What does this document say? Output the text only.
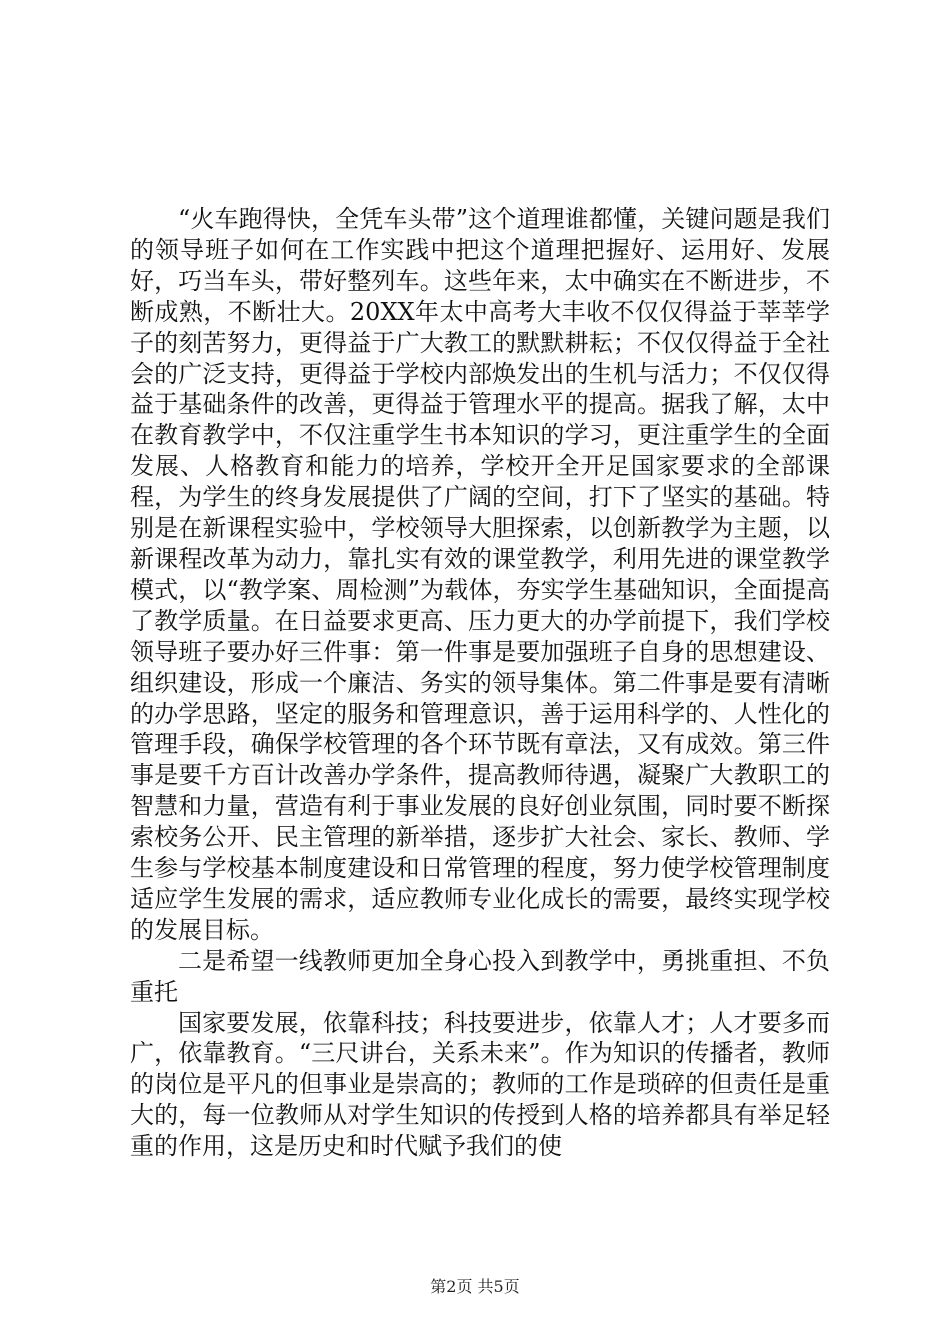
“火车跑得快，全凭车头带”这个道理谁都懂，关键问题是我们的领导班子如何在工作实践中把这个道理把握好、运用好、发展好，巧当车头，带好整列车。这些年来，太中确实在不断进步，不断成熟，不断壮大。20XX年太中高考大丰收不仅仅得益于莘莘学子的刻苦努力，更得益于广大教工的默默耕耘；不仅仅得益于全社会的广泛支持，更得益于学校内部焕发出的生机与活力；不仅仅得益于基础条件的改善，更得益于管理水平的提高。据我了解，太中在教育教学中，不仅注重学生书本知识的学习，更注重学生的全面发展、人格教育和能力的培养，学校开全开足国家要求的全部课程，为学生的终身发展提供了广阔的空间，打下了坚实的基础。特别是在新课程实验中，学校领导大胆探索，以创新教学为主题，以新课程改革为动力，靠扎实有效的课堂教学，利用先进的课堂教学模式，以“教学案、周检测”为载体，夯实学生基础知识，全面提高了教学质量。在日益要求更高、压力更大的办学前提下，我们学校领导班子要办好三件事：第一件事是要加强班子自身的思想建设、组织建设，形成一个廉洁、务实的领导集体。第二件事是要有清晰的办学思路，坚定的服务和管理意识，善于运用科学的、人性化的管理手段，确保学校管理的各个环节既有章法，又有成效。第三件事是要千方百计改善办学条件，提高教师待遇，凝聚广大教职工的智慧和力量，营造有利于事业发展的良好创业氛围，同时要不断探索校务公开、民主管理的新举措，逐步扩大社会、家长、教师、学生参与学校基本制度建设和日常管理的程度，努力使学校管理制度适应学生发展的需求，适应教师专业化成长的需要，最终实现学校的发展目标。

二是希望一线教师更加全身心投入到教学中，勇挑重担、不负重托

国家要发展，依靠科技；科技要进步，依靠人才；人才要多而广，依靠教育。“三尺讲台，关系未来”。作为知识的传播者，教师的岗位是平凡的但事业是崇高的；教师的工作是琐碎的但责任是重大的，每一位教师从对学生知识的传授到人格的培养都具有举足轻重的作用，这是历史和时代赋予我们的使

第2页 共5页
